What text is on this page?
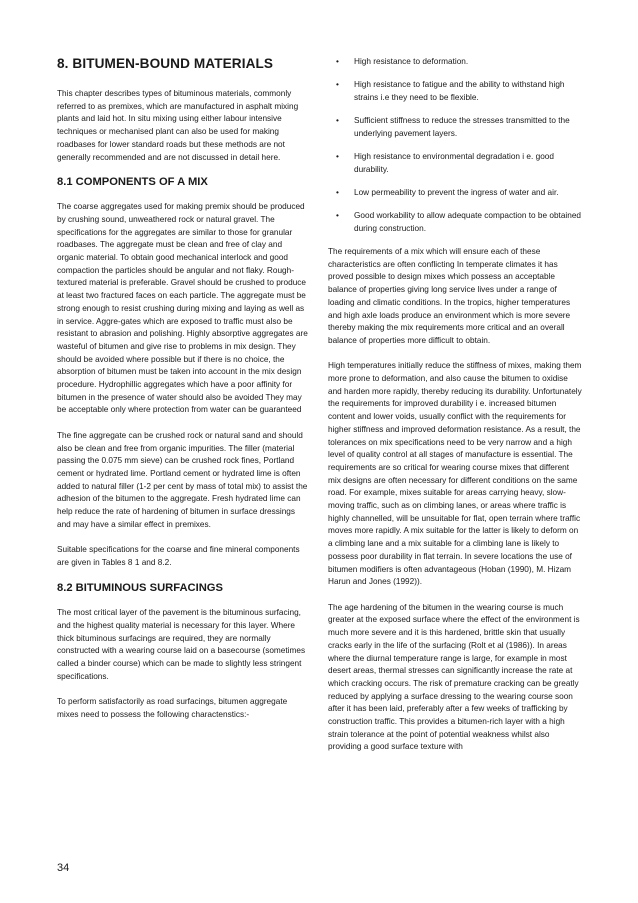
8. BITUMEN-BOUND MATERIALS

This chapter describes types of bituminous materials, commonly referred to as premixes, which are manufactured in asphalt mixing plants and laid hot. In situ mixing using either labour intensive techniques or mechanised plant can also be used for making roadbases for lower standard roads but these methods are not generally recommended and are not discussed in detail here.

8.1 COMPONENTS OF A MIX

The coarse aggregates used for making premix should be produced by crushing sound, unweathered rock or natural gravel. The specifications for the aggregates are similar to those for granular roadbases. The aggregate must be clean and free of clay and organic material. To obtain good mechanical interlock and good compaction the particles should be angular and not flaky. Rough-textured material is preferable. Gravel should be crushed to produce at least two fractured faces on each particle. The aggregate must be strong enough to resist crushing during mixing and laying as well as in service. Aggre-gates which are exposed to traffic must also be resistant to abrasion and polishing. Highly absorptive aggregates are wasteful of bitumen and give rise to problems in mix design. They should be avoided where possible but if there is no choice, the absorption of bitumen must be taken into account in the mix design procedure. Hydrophillic aggregates which have a poor affinity for bitumen in the presence of water should also be avoided They may be acceptable only where protection from water can be guaranteed

The fine aggregate can be crushed rock or natural sand and should also be clean and free from organic impurities. The filler (material passing the 0.075 mm sieve) can be crushed rock fines, Portland cement or hydrated lime. Portland cement or hydrated lime is often added to natural filler (1-2 per cent by mass of total mix) to assist the adhesion of the bitumen to the aggregate. Fresh hydrated lime can help reduce the rate of hardening of bitumen in surface dressings and may have a similar effect in premixes.

Suitable specifications for the coarse and fine mineral components are given in Tables 8 1 and 8.2.

8.2 BITUMINOUS SURFACINGS

The most critical layer of the pavement is the bituminous surfacing, and the highest quality material is necessary for this layer. Where thick bituminous surfacings are required, they are normally constructed with a wearing course laid on a basecourse (sometimes called a binder course) which can be made to slightly less stringent specifications.

To perform satisfactorily as road surfacings, bitumen aggregate mixes need to possess the following charactenstics:-

• High resistance to deformation.
• High resistance to fatigue and the ability to withstand high strains i.e they need to be flexible.
• Sufficient stiffness to reduce the stresses transmitted to the underlying pavement layers.
• High resistance to environmental degradation i e. good durability.
• Low permeability to prevent the ingress of water and air.
• Good workability to allow adequate compaction to be obtained during construction.

The requirements of a mix which will ensure each of these characteristics are often conflicting In temperate climates it has proved possible to design mixes which possess an acceptable balance of properties giving long service lives under a range of loading and climatic conditions. In the tropics, higher temperatures and high axle loads produce an environment which is more severe thereby making the mix requirements more critical and an overall balance of properties more difficult to obtain.

High temperatures initially reduce the stiffness of mixes, making them more prone to deformation, and also cause the bitumen to oxidise and harden more rapidly, thereby reducing its durability. Unfortunately the requirements for improved durability i e. increased bitumen content and lower voids, usually conflict with the requirements for higher stiffness and improved deformation resistance. As a result, the tolerances on mix specifications need to be very narrow and a high level of quality control at all stages of manufacture is essential. The requirements are so critical for wearing course mixes that different mix designs are often necessary for different conditions on the same road. For example, mixes suitable for areas carrying heavy, slow-moving traffic, such as on climbing lanes, or areas where traffic is highly channelled, will be unsuitable for flat, open terrain where traffic moves more rapidly. A mix suitable for the latter is likely to deform on a climbing lane and a mix suitable for a climbing lane is likely to possess poor durability in flat terrain. In severe locations the use of bitumen modifiers is often advantageous (Hoban (1990), M. Hizam Harun and Jones (1992)).

The age hardening of the bitumen in the wearing course is much greater at the exposed surface where the effect of the environment is much more severe and it is this hardened, brittle skin that usually cracks early in the life of the surfacing (Rolt et al (1986)). In areas where the diurnal temperature range is large, for example in most desert areas, thermal stresses can significantly increase the rate at which cracking occurs. The risk of premature cracking can be greatly reduced by applying a surface dressing to the wearing course soon after it has been laid, preferably after a few weeks of trafficking by construction traffic. This provides a bitumen-rich layer with a high strain tolerance at the point of potential weakness whilst also providing a good surface texture with

34
